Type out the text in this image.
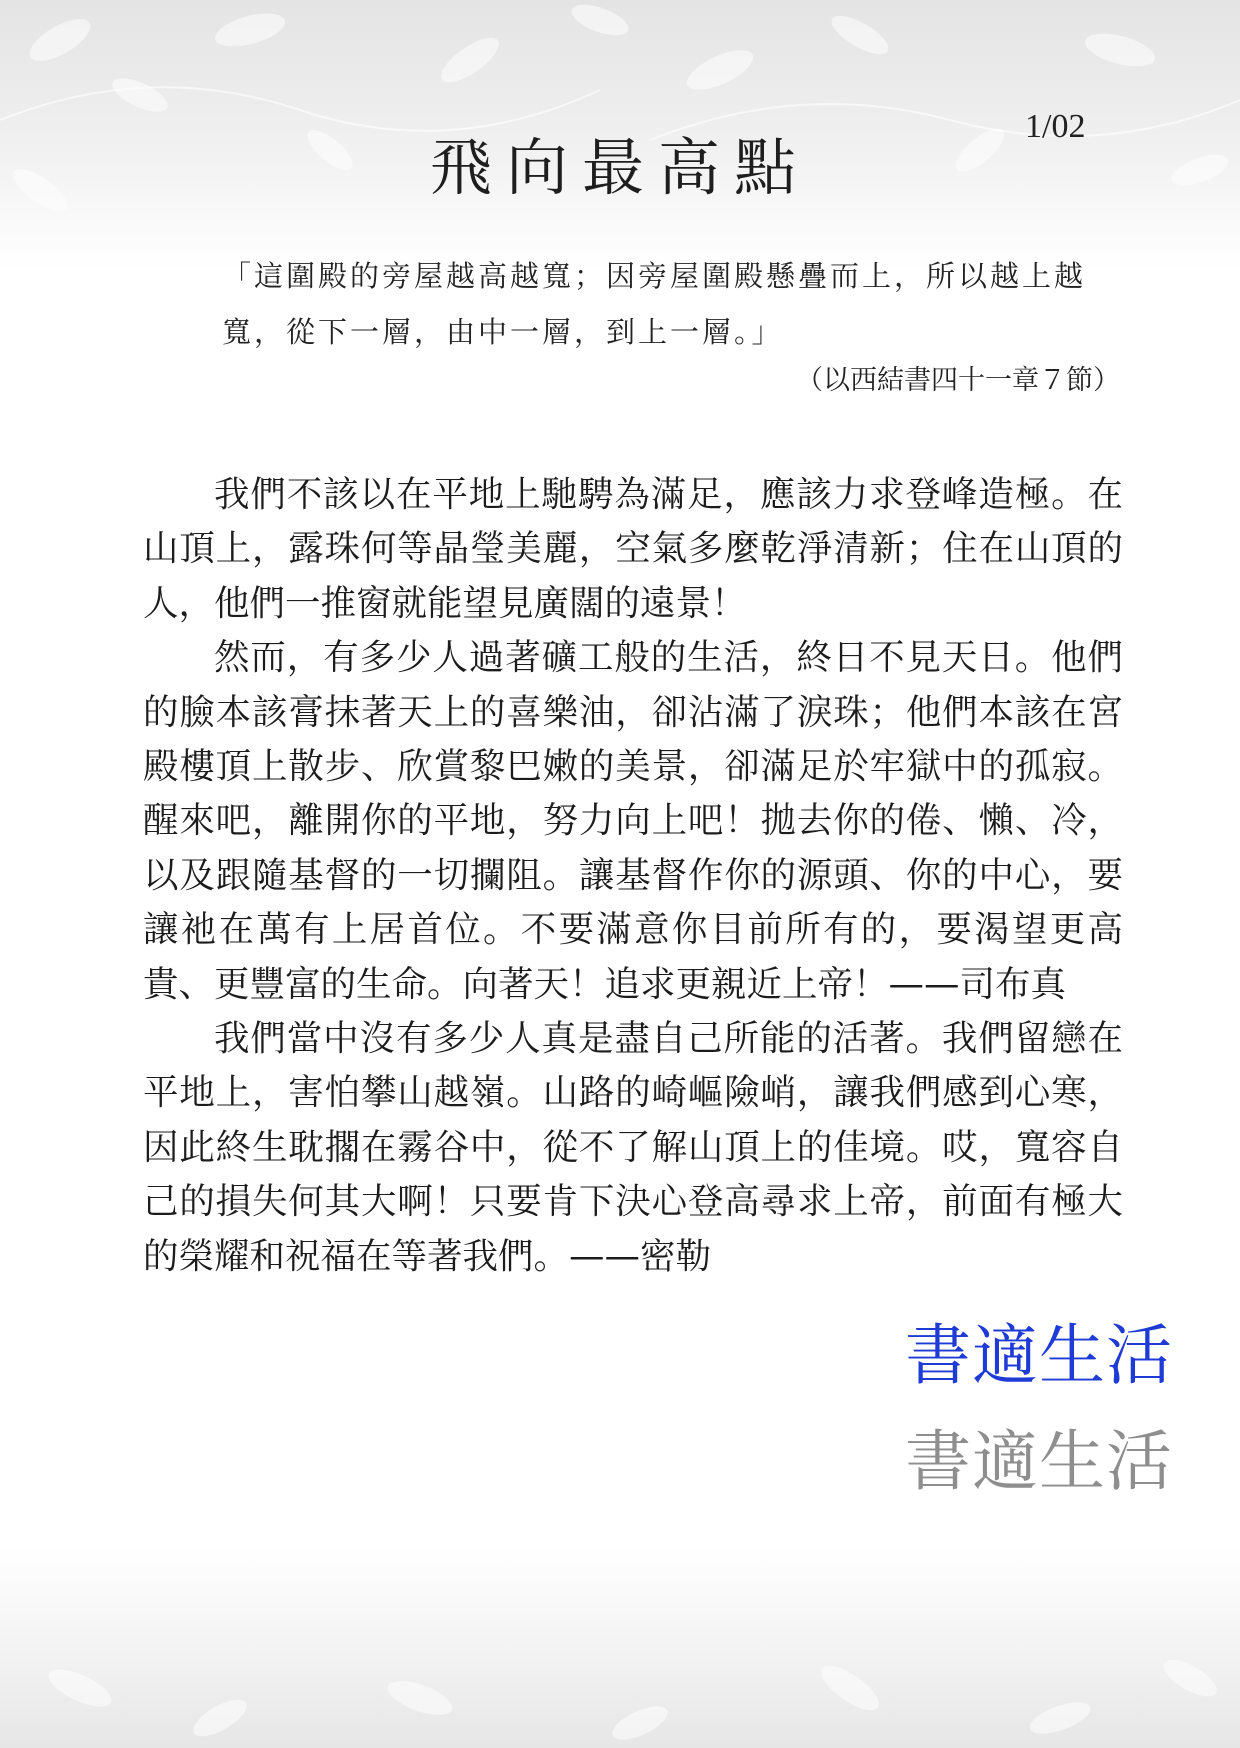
1/02
飛向最高點
「這圍殿的旁屋越高越寬；因旁屋圍殿懸疊而上，所以越上越
寬，從下一層，由中一層，到上一層。」
（以西結書四十一章７節）

我們不該以在平地上馳騁為滿足，應該力求登峰造極。在山頂上，露珠何等晶瑩美麗，空氣多麼乾淨清新；住在山頂的人，他們一推窗就能望見廣闊的遠景！

然而，有多少人過著礦工般的生活，終日不見天日。他們的臉本該膏抹著天上的喜樂油，卻沾滿了淚珠；他們本該在宮殿樓頂上散步、欣賞黎巴嫩的美景，卻滿足於牢獄中的孤寂。醒來吧，離開你的平地，努力向上吧！拋去你的倦、懶、冷，以及跟隨基督的一切攔阻。讓基督作你的源頭、你的中心，要讓祂在萬有上居首位。不要滿意你目前所有的，要渴望更高貴、更豐富的生命。向著天！追求更親近上帝！——司布真

我們當中沒有多少人真是盡自己所能的活著。我們留戀在平地上，害怕攀山越嶺。山路的崎嶇險峭，讓我們感到心寒，因此終生耽擱在霧谷中，從不了解山頂上的佳境。哎，寬容自己的損失何其大啊！只要肯下決心登高尋求上帝，前面有極大的榮耀和祝福在等著我們。——密勒

書適生活
書適生活
